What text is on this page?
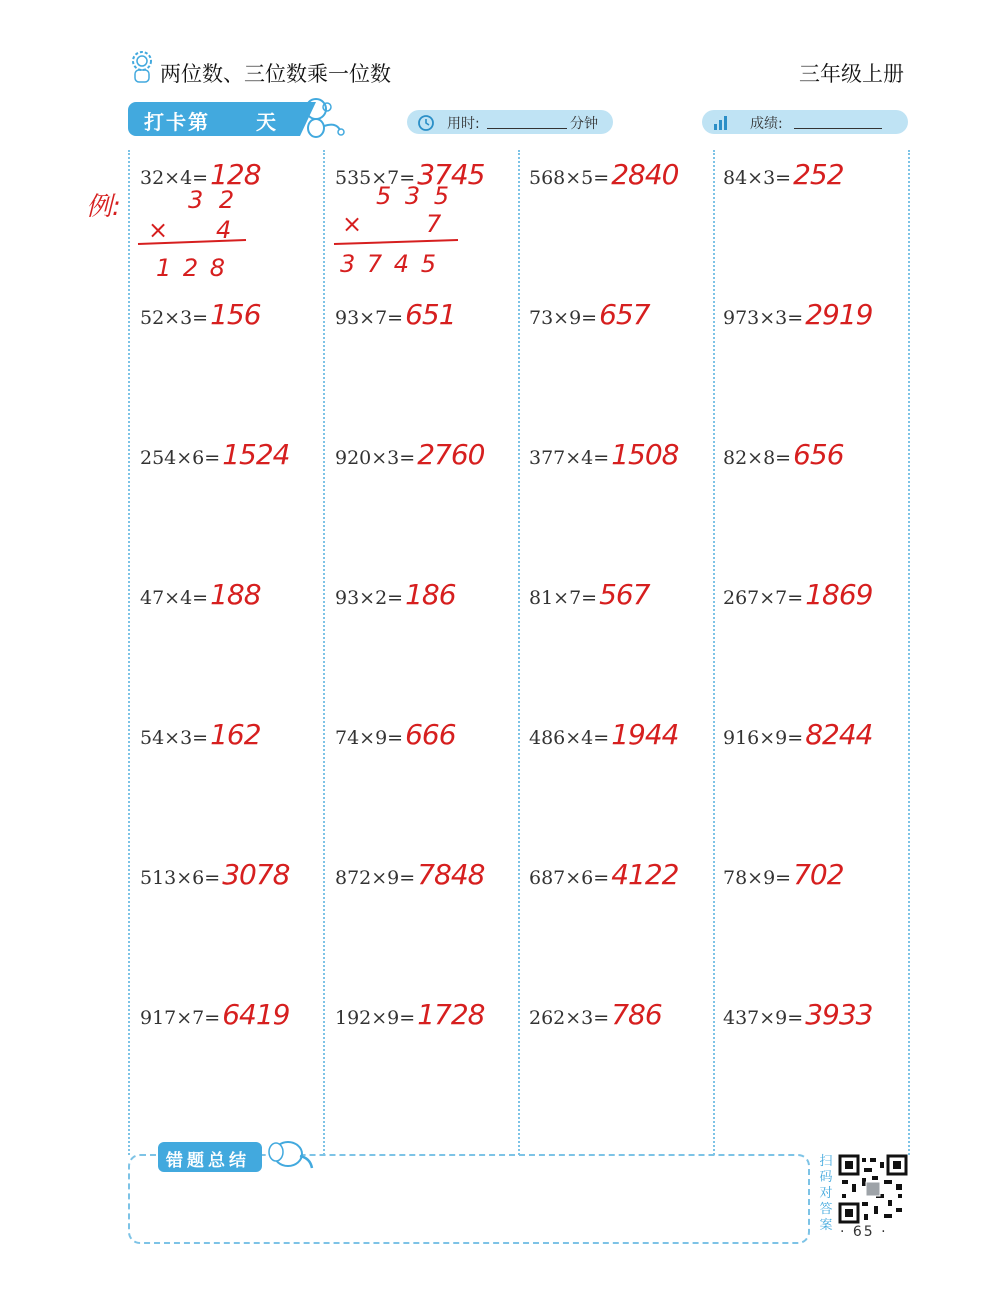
两位数、三位数乘一位数	三年级上册
打卡第 天	用时:	分钟	成绩:
32×4=128
52×3=156
254×6=1524
47×4=188
54×3=162
513×6=3078
917×7=6419
535×7=3745
93×7=651
920×3=2760
93×2=186
74×9=666
872×9=7848
192×9=1728
568×5=2840
73×9=657
377×4=1508
81×7=567
486×4=1944
687×6=4122
262×3=786
84×3=252
973×3=2919
82×8=656
267×7=1869
916×9=8244
78×9=702
437×9=3933
例:	3 2
× 4
1 2 8
5 3 5
×	7
3 7 4 5
错题总结	扫码对答案 · 65 ·
